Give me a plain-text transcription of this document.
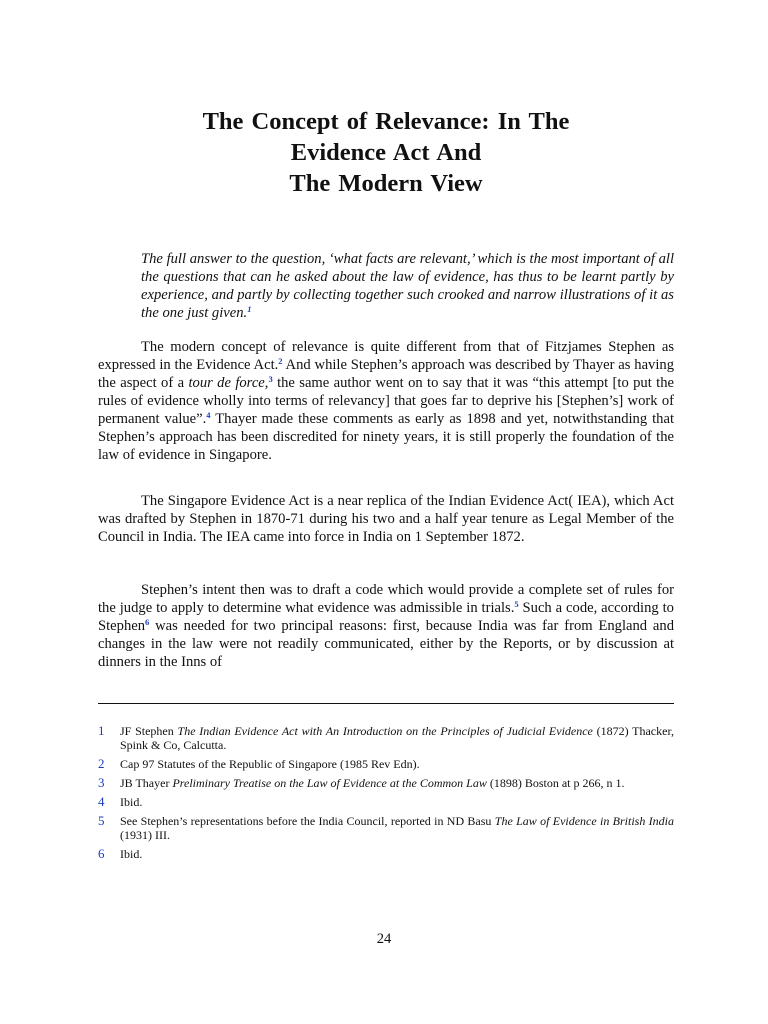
The Concept of Relevance: In The
Evidence Act And
The Modern View
The full answer to the question, ‘what facts are relevant,’ which is the most important of all the questions that can he asked about the law of evidence, has thus to be learnt partly by experience, and partly by collecting together such crooked and narrow illustrations of it as the one just given.$^1$

The modern concept of relevance is quite different from that of Fitzjames Stephen as expressed in the Evidence Act.$^2$ And while Stephen’s approach was described by Thayer as having the aspect of a tour de force,$^3$ the same author went on to say that it was “this attempt [to put the rules of evidence wholly into terms of relevancy] that goes far to deprive his [Stephen’s] work of permanent value”.$^4$ Thayer made these comments as early as 1898 and yet, notwithstanding that Stephen’s approach has been discredited for ninety years, it is still properly the foundation of the law of evidence in Singapore.

The Singapore Evidence Act is a near replica of the Indian Evidence Act( IEA), which Act was drafted by Stephen in 1870-71 during his two and a half year tenure as Legal Member of the Council in India. The IEA came into force in India on 1 September 1872.

Stephen’s intent then was to draft a code which would provide a complete set of rules for the judge to apply to determine what evidence was admissible in trials.$^5$ Such a code, according to Stephen$^6$ was needed for two principal reasons: first, because India was far from England and changes in the law were not readily communicated, either by the Reports, or by discussion at dinners in the Inns of

1 JF Stephen The Indian Evidence Act with An Introduction on the Principles of Judicial Evidence (1872) Thacker, Spink & Co, Calcutta.
2 Cap 97 Statutes of the Republic of Singapore (1985 Rev Edn).
3 JB Thayer Preliminary Treatise on the Law of Evidence at the Common Law (1898) Boston at p 266, n 1.
4 Ibid.
5 See Stephen’s representations before the India Council, reported in ND Basu The Law of Evidence in British India (1931) III.
6 Ibid.
24
